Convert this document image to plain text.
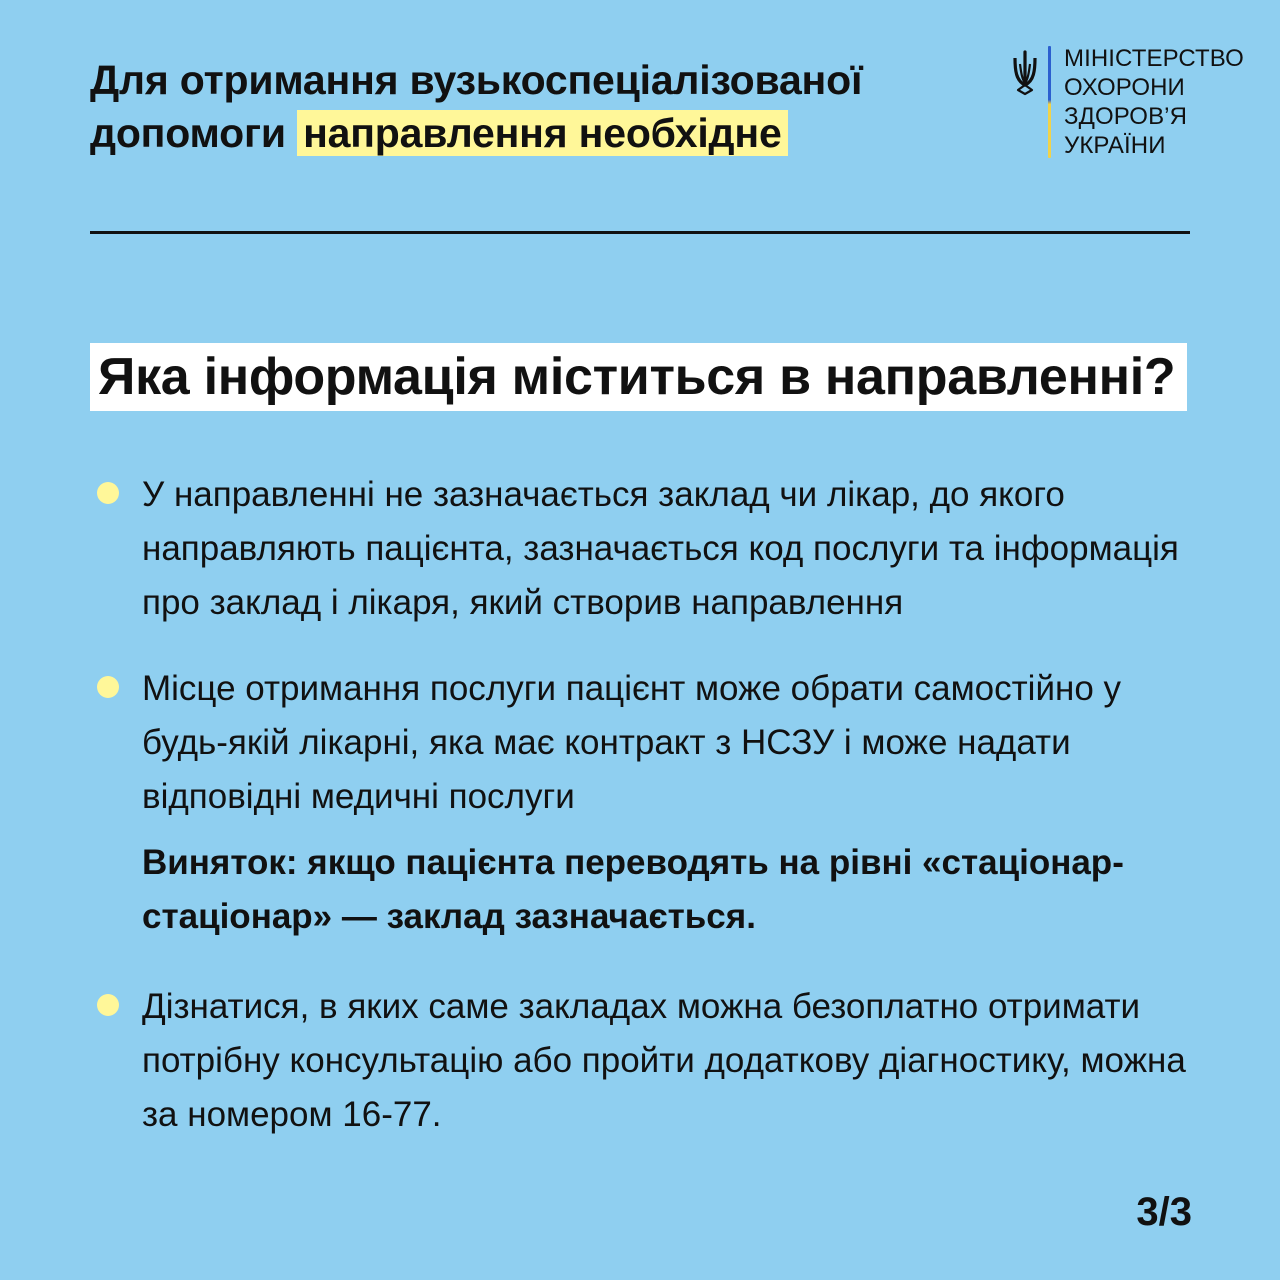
Для отримання вузькоспеціалізованої
допомоги направлення необхідне
МІНІСТЕРСТВО
ОХОРОНИ
ЗДОРОВ’Я
УКРАЇНИ
Яка інформація міститься в направленні?
У направленні не зазначається заклад чи лікар, до якого направляють пацієнта, зазначається код послуги та інформація про заклад і лікаря, який створив направлення
Місце отримання послуги пацієнт може обрати самостійно у будь-якій лікарні, яка має контракт з НСЗУ і може надати відповідні медичні послуги
Виняток: якщо пацієнта переводять на рівні «стаціонар-стаціонар» — заклад зазначається.
Дізнатися, в яких саме закладах можна безоплатно отримати потрібну консультацію або пройти додаткову діагностику, можна за номером 16-77.
3/3
